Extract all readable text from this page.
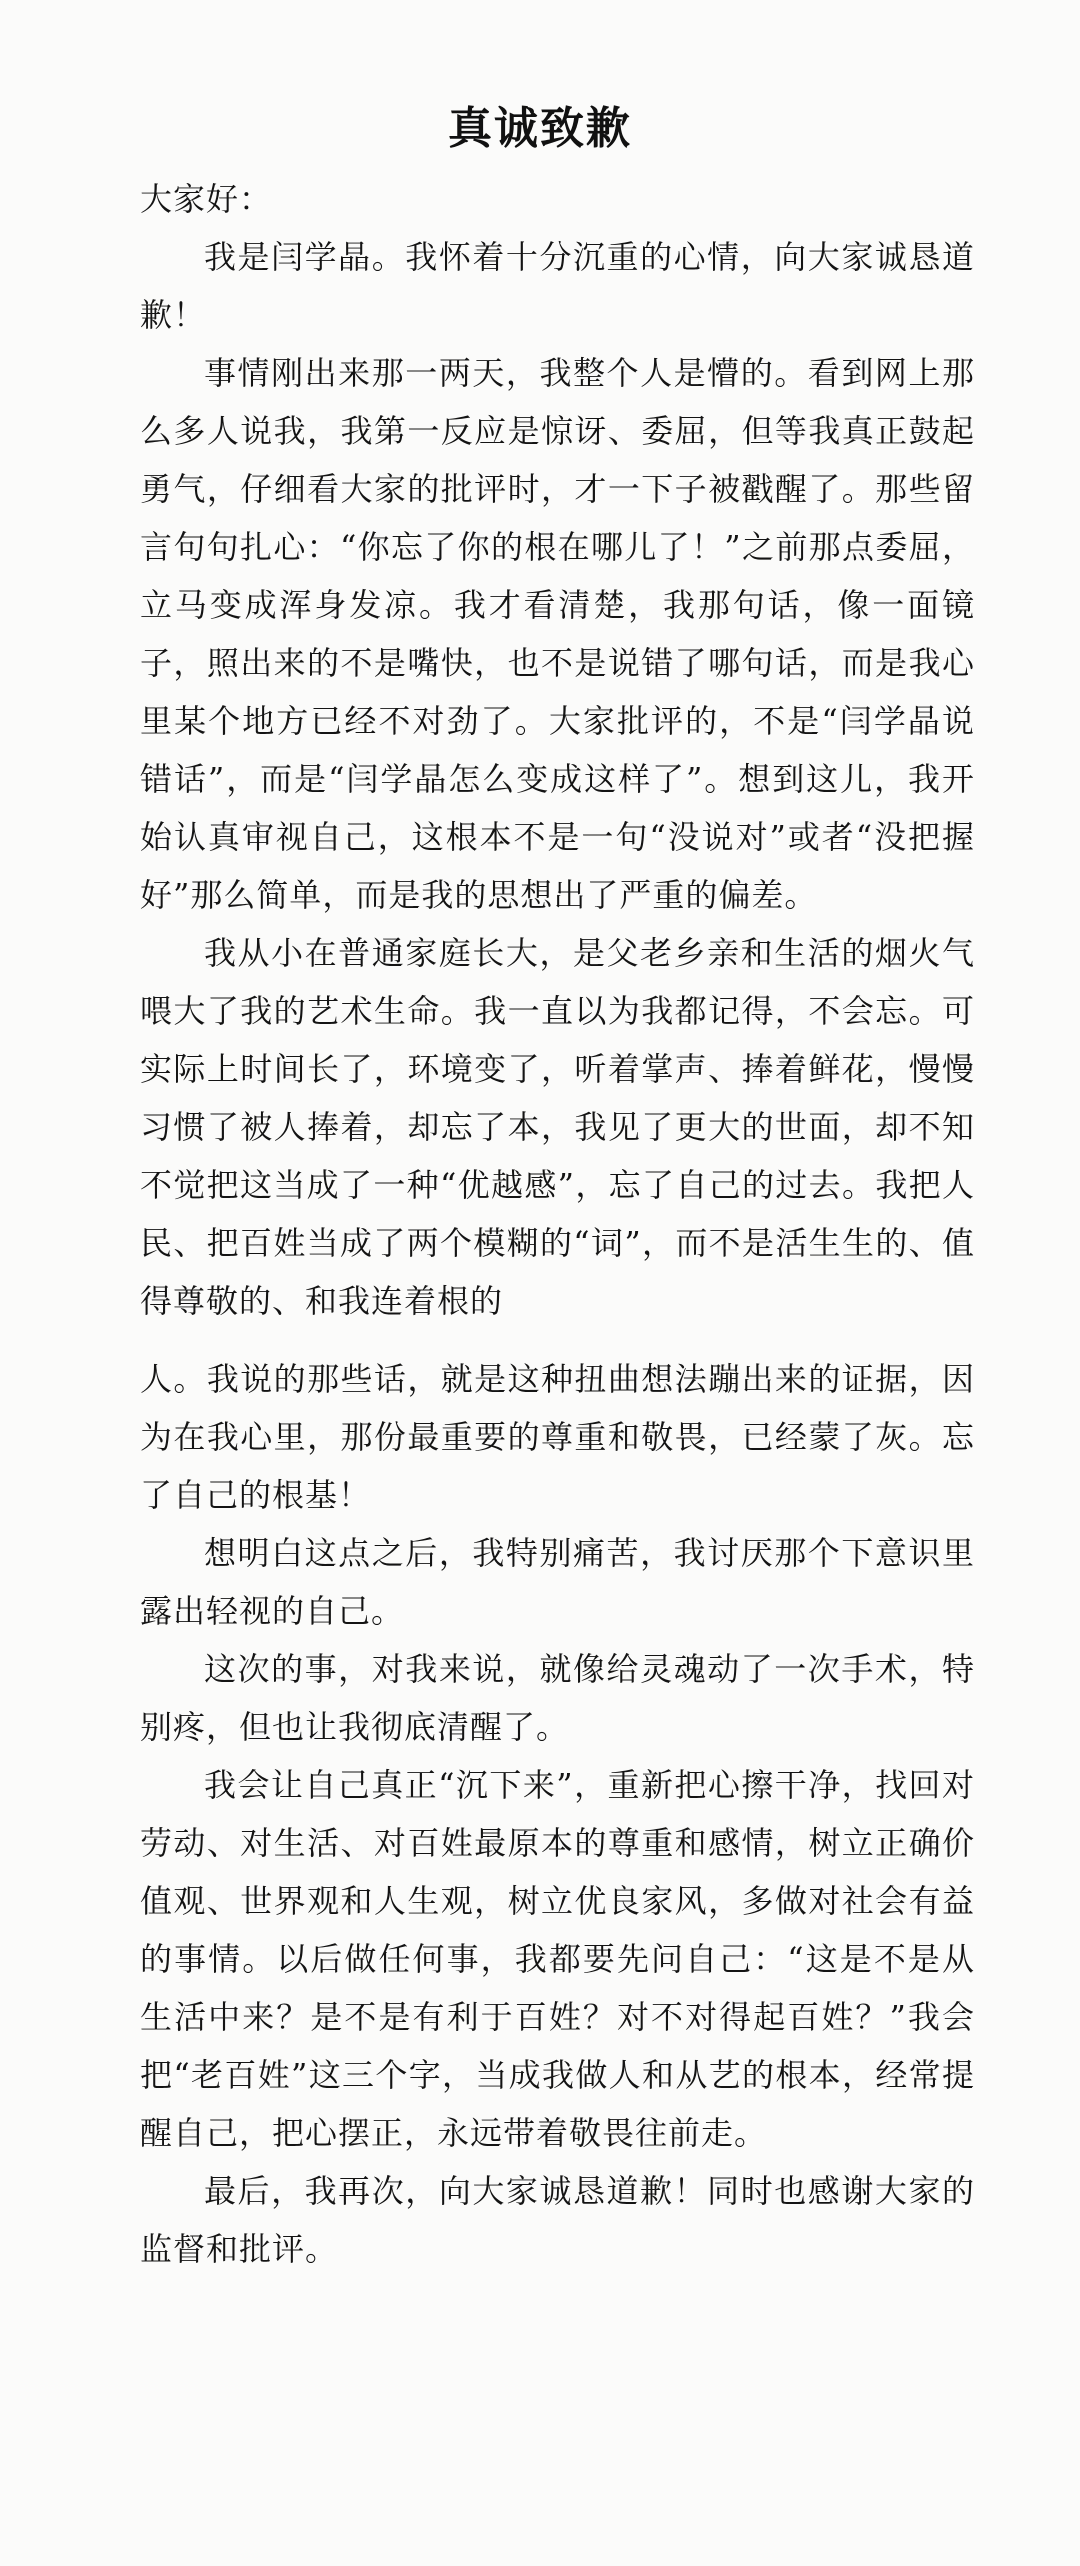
真诚致歉

大家好：

我是闫学晶。我怀着十分沉重的心情，向大家诚恳道歉！

事情刚出来那一两天，我整个人是懵的。看到网上那么多人说我，我第一反应是惊讶、委屈，但等我真正鼓起勇气，仔细看大家的批评时，才一下子被戳醒了。那些留言句句扎心：“你忘了你的根在哪儿了！”之前那点委屈，立马变成浑身发凉。我才看清楚，我那句话，像一面镜子，照出来的不是嘴快，也不是说错了哪句话，而是我心里某个地方已经不对劲了。大家批评的，不是“闫学晶说错话”，而是“闫学晶怎么变成这样了”。想到这儿，我开始认真审视自己，这根本不是一句“没说对”或者“没把握好”那么简单，而是我的思想出了严重的偏差。

我从小在普通家庭长大，是父老乡亲和生活的烟火气喂大了我的艺术生命。我一直以为我都记得，不会忘。可实际上时间长了，环境变了，听着掌声、捧着鲜花，慢慢习惯了被人捧着，却忘了本，我见了更大的世面，却不知不觉把这当成了一种“优越感”，忘了自己的过去。我把人民、把百姓当成了两个模糊的“词”，而不是活生生的、值得尊敬的、和我连着根的

人。我说的那些话，就是这种扭曲想法蹦出来的证据，因为在我心里，那份最重要的尊重和敬畏，已经蒙了灰。忘了自己的根基！

想明白这点之后，我特别痛苦，我讨厌那个下意识里露出轻视的自己。

这次的事，对我来说，就像给灵魂动了一次手术，特别疼，但也让我彻底清醒了。

我会让自己真正“沉下来”，重新把心擦干净，找回对劳动、对生活、对百姓最原本的尊重和感情，树立正确价值观、世界观和人生观，树立优良家风，多做对社会有益的事情。以后做任何事，我都要先问自己：“这是不是从生活中来？是不是有利于百姓？对不对得起百姓？”我会把“老百姓”这三个字，当成我做人和从艺的根本，经常提醒自己，把心摆正，永远带着敬畏往前走。

最后，我再次，向大家诚恳道歉！同时也感谢大家的监督和批评。
